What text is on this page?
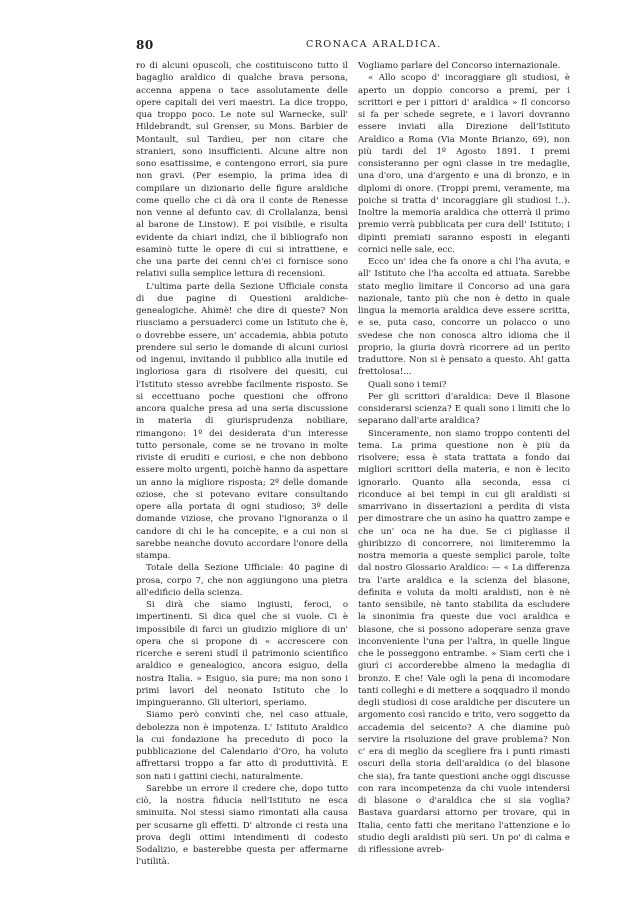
80	CRONACA ARALDICA.

ro di alcuni opuscoli, che costituiscono tutto il bagaglio araldico di qualche brava persona, accenna appena o tace assolutamente delle opere capitali dei veri maestri. La dice troppo, qua troppo poco. Le note sul Warnecke, sull' Hildebrandt, sul Grenser, su Mons. Barbier de Montault, sul Tardieu, per non citare che stranieri, sono insufficienti. Alcune altre non sono esattissime, e contengono errori, sia pure non gravi. (Per esempio, la prima idea di compilare un dizionario delle figure araldiche come quello che ci dà ora il conte de Renesse non venne al defunto cav. di Crollalanza, bensì al barone de Linstow). E poi visibile, e risulta evidente da chiari indizi, che il bibliografo non esaminò tutte le opere di cui si intrattiene, e che una parte dei cenni ch'ei ci fornisce sono relativi sulla semplice lettura di recensioni.

L'ultima parte della Sezione Ufficiale consta di due pagine di Questioni araldiche-genealogiche. Ahimè! che dire di queste? Non riusciamo a persuaderci come un Istituto che è, o dovrebbe essere, un' accademia, abbia potuto prendere sul serio le domande di alcuni curiosi od ingenui, invitando il pubblico alla inutile ed ingloriosa gara di risolvere dei quesiti, cui l'Istituto stesso avrebbe facilmente risposto. Se si eccettuano poche questioni che offrono ancora qualche presa ad una seria discussione in materia di giurisprudenza nobiliare, rimangono: 1º dei desiderata d'un interesse tutto personale, come se ne trovano in molte riviste di eruditi e curiosi, e che non debbono essere molto urgenti, poichè hanno da aspettare un anno la migliore risposta; 2º delle domande oziose, che si potevano evitare consultando opere alla portata di ogni studioso; 3º delle domande viziose, che provano l'ignoranza o il candore di chi le ha concepite, e a cui non si sarebbe neanche dovuto accordare l'onore della stampa.

Totale della Sezione Ufficiale: 40 pagine di prosa, corpo 7, che non aggiungono una pietra all'edificio della scienza.

Si dirà che siamo ingiusti, feroci, o impertinenti. Si dica quel che si vuole. Ci è impossibile di farci un giudizio migliore di un' opera che si propone di « accrescere con ricerche e sereni studî il patrimonio scientifico araldico e genealogico, ancora esiguo, della nostra Italia. » Esiguo, sia pure; ma non sono i primi lavori del neonato Istituto che lo impingueranno. Gli ulteriori, speriamo.

Siamo però convinti che, nel caso attuale, debolezza non è impotenza. L' Istituto Araldico la cui fondazione ha preceduto di poco la pubblicazione del Calendario d'Oro, ha voluto affrettarsi troppo a far atto di produttività. E son nati i gattini ciechi, naturalmente.

Sarebbe un errore il credere che, dopo tutto ciò, la nostra fiducia nell'Istituto ne esca sminuita. Noi stessi siamo rimontati alla causa per scusarne gli effetti. D' altronde ci resta una prova degli ottimi intendimenti di codesto Sodalizio, e basterebbe questa per affermarne l'utilità.

Vogliamo parlare del Concorso internazionale.

« Allo scopo d' incoraggiare gli studiosi, è aperto un doppio concorso a premi, per i scrittori e per i pittori d' araldica » Il concorso si fa per schede segrete, e i lavori dovranno essere inviati alla Direzione dell'Istituto Araldico a Roma (Via Monte Brianzo, 69), non più tardi del 1º Agosto 1891. I premi consisteranno per ogni classe in tre medaglie, una d'oro, una d'argento e una di bronzo, e in diplomi di onore. (Troppi premi, veramente, ma poiche si tratta d' incoraggiare gli studiosi !..). Inoltre la memoria araldica che otterrà il primo premio verrà pubblicata per cura dell' Istituto; i dipinti premiati saranno esposti in eleganti cornici nelle sale, ecc.

Ecco un' idea che fa onore a chi l'ha avuta, e all' Istituto che l'ha accolta ed attuata. Sarebbe stato meglio limitare il Concorso ad una gara nazionale, tanto più che non è detto in quale lingua la memoria araldica deve essere scritta, e se, puta caso, concorre un polacco o uno svedese che non conosca altro idioma che il proprio, la giuria dovrà ricorrere ad un perito traduttore. Non si è pensato a questo. Ah! gatta frettolosa!...

Quali sono i temi?

Per gli scrittori d'araldica: Deve il Blasone considerarsi scienza? E quali sono i limiti che lo separano dall'arte araldica?

Sinceramente, non siamo troppo contenti del tema. La prima questione non è più da risolvere; essa è stata trattata a fondo dai migliori scrittori della materia, e non è lecito ignorarlo. Quanto alla seconda, essa ci riconduce ai bei tempi in cui gli araldisti si smarrivano in dissertazioni a perdita di vista per dimostrare che un asino ha quattro zampe e che un' oca ne ha due. Se ci pigliasse il ghiribizzo di concorrere, noi limiteremmo la nostra memoria a queste semplici parole, tolte dal nostro Glossario Araldico: — « La differenza tra l'arte araldica e la scienza del blasone, definita e voluta da molti araldisti, non è nè tanto sensibile, nè tanto stabilita da escludere la sinonimia fra queste due voci araldica e blasone, che si possono adoperare senza grave inconveniente l'una per l'altra, in quelle lingue che le posseggono entrambe. » Siam certi che i giurì ci accorderebbe almeno la medaglia di bronzo. E che! Vale ogli la pena di incomodare tanti colleghi e di mettere a soqquadro il mondo degli studiosi di cose araldiche per discutere un argomento così rancido e trito, vero soggetto da accademia del seicento? A che diamine può servire la risoluzione del grave problema? Non c' era di meglio da scegliere fra i punti rimasti oscuri della storia dell'araldica (o del blasone che sia), fra tante questioni anche oggi discusse con rara incompetenza da chi vuole intendersi di blasone o d'araldica che si sia voglia? Bastava guardarsi attorno per trovare, qui in Italia, cento fatti che meritano l'attenzione e lo studio degli araldisti più seri. Un po' di calma e di riflessione avreb-
